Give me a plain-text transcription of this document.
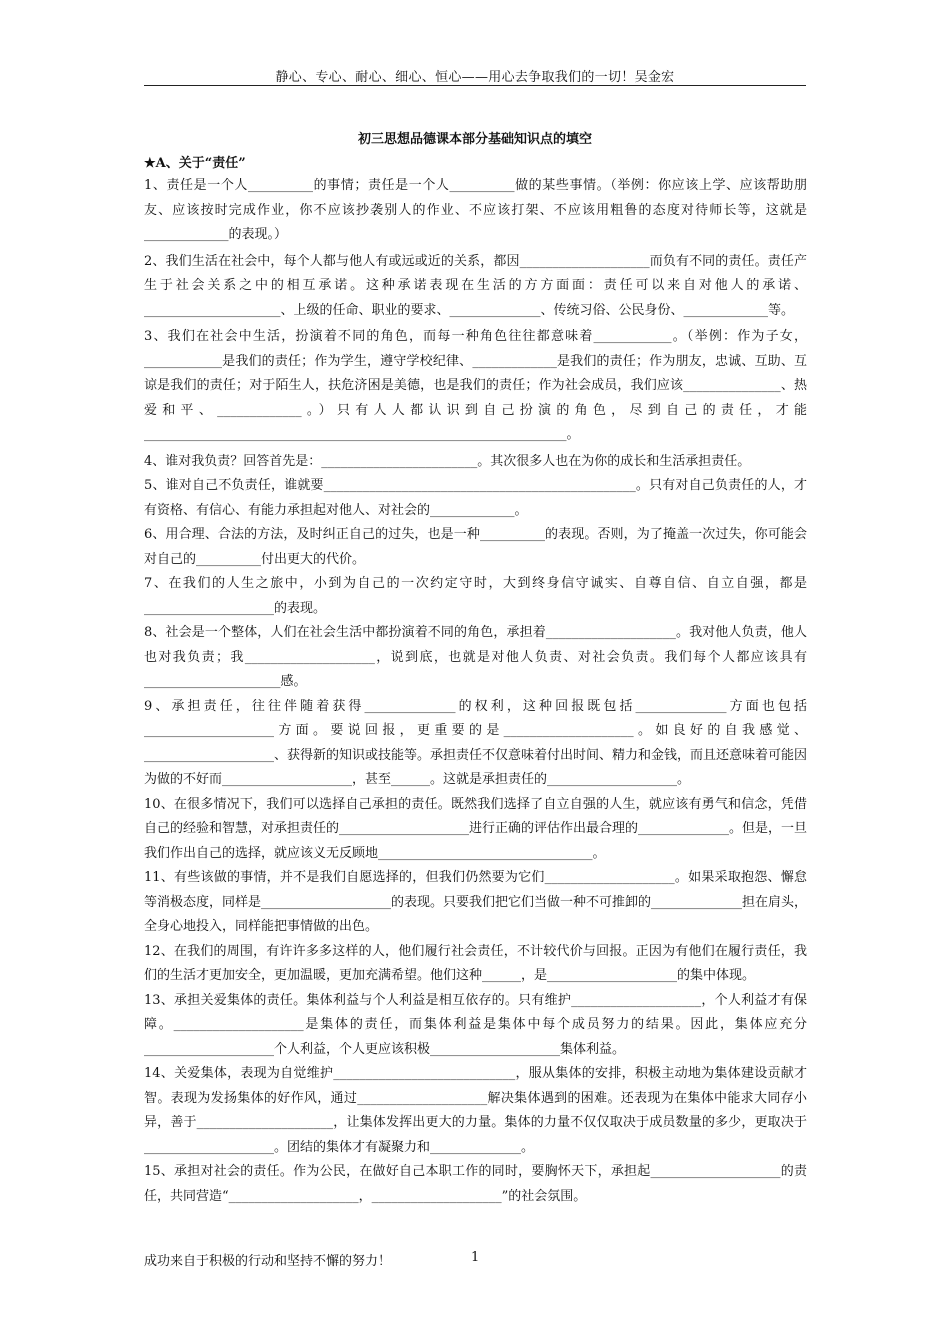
静心、专心、耐心、细心、恒心——用心去争取我们的一切！吴金宏
初三思想品德课本部分基础知识点的填空
★A、关于“责任”

1、责任是一个人__________的事情；责任是一个人__________做的某些事情。（举例：你应该上学、应该帮助朋友、应该按时完成作业，你不应该抄袭别人的作业、不应该打架、不应该用粗鲁的态度对待师长等，这就是_____________的表现。）

2、我们生活在社会中，每个人都与他人有或远或近的关系，都因____________________而负有不同的责任。责任产生于社会关系之中的相互承诺。这种承诺表现在生活的方方面面：责任可以来自对他人的承诺、_____________________、上级的任命、职业的要求、______________、传统习俗、公民身份、_____________等。

3、我们在社会中生活，扮演着不同的角色，而每一种角色往往都意味着____________。（举例：作为子女，____________是我们的责任；作为学生，遵守学校纪律、_____________是我们的责任；作为朋友，忠诚、互助、互谅是我们的责任；对于陌生人，扶危济困是美德，也是我们的责任；作为社会成员，我们应该_______________、热爱和平、_____________。）只有人人都认识到自己扮演的角色，尽到自己的责任，才能_________________________________________________________________。

4、谁对我负责？回答首先是：________________________。其次很多人也在为你的成长和生活承担责任。

5、谁对自己不负责任，谁就要________________________________________________。只有对自己负责任的人，才有资格、有信心、有能力承担起对他人、对社会的_____________。

6、用合理、合法的方法，及时纠正自己的过失，也是一种__________的表现。否则，为了掩盖一次过失，你可能会对自己的__________付出更大的代价。

7、在我们的人生之旅中，小到为自己的一次约定守时，大到终身信守诚实、自尊自信、自立自强，都是____________________的表现。

8、社会是一个整体，人们在社会生活中都扮演着不同的角色，承担着____________________。我对他人负责，他人也对我负责；我____________________，说到底，也就是对他人负责、对社会负责。我们每个人都应该具有_____________________感。

9、承担责任，往往伴随着获得______________的权利，这种回报既包括______________方面也包括____________________方面。要说回报，更重要的是____________________。如良好的自我感觉、____________________、获得新的知识或技能等。承担责任不仅意味着付出时间、精力和金钱，而且还意味着可能因为做的不好而____________________，甚至______。这就是承担责任的____________________。

10、在很多情况下，我们可以选择自己承担的责任。既然我们选择了自立自强的人生，就应该有勇气和信念，凭借自己的经验和智慧，对承担责任的____________________进行正确的评估作出最合理的______________。但是，一旦我们作出自己的选择，就应该义无反顾地_________________________________。

11、有些该做的事情，并不是我们自愿选择的，但我们仍然要为它们____________________。如果采取抱怨、懈怠等消极态度，同样是____________________的表现。只要我们把它们当做一种不可推卸的______________担在肩头，全身心地投入，同样能把事情做的出色。

12、在我们的周围，有许许多多这样的人，他们履行社会责任，不计较代价与回报。正因为有他们在履行责任，我们的生活才更加安全，更加温暖，更加充满希望。他们这种______，是____________________的集中体现。

13、承担关爱集体的责任。集体利益与个人利益是相互依存的。只有维护____________________，个人利益才有保障。____________________是集体的责任，而集体利益是集体中每个成员努力的结果。因此，集体应充分____________________个人利益，个人更应该积极____________________集体利益。

14、关爱集体，表现为自觉维护____________________________，服从集体的安排，积极主动地为集体建设贡献才智。表现为发扬集体的好作风，通过____________________解决集体遇到的困难。还表现为在集体中能求大同存小异，善于_____________________，让集体发挥出更大的力量。集体的力量不仅仅取决于成员数量的多少，更取决于____________________。团结的集体才有凝聚力和______________。

15、承担对社会的责任。作为公民，在做好自己本职工作的同时，要胸怀天下，承担起____________________的责任，共同营造“____________________，____________________”的社会氛围。

成功来自于积极的行动和坚持不懈的努力！	1
